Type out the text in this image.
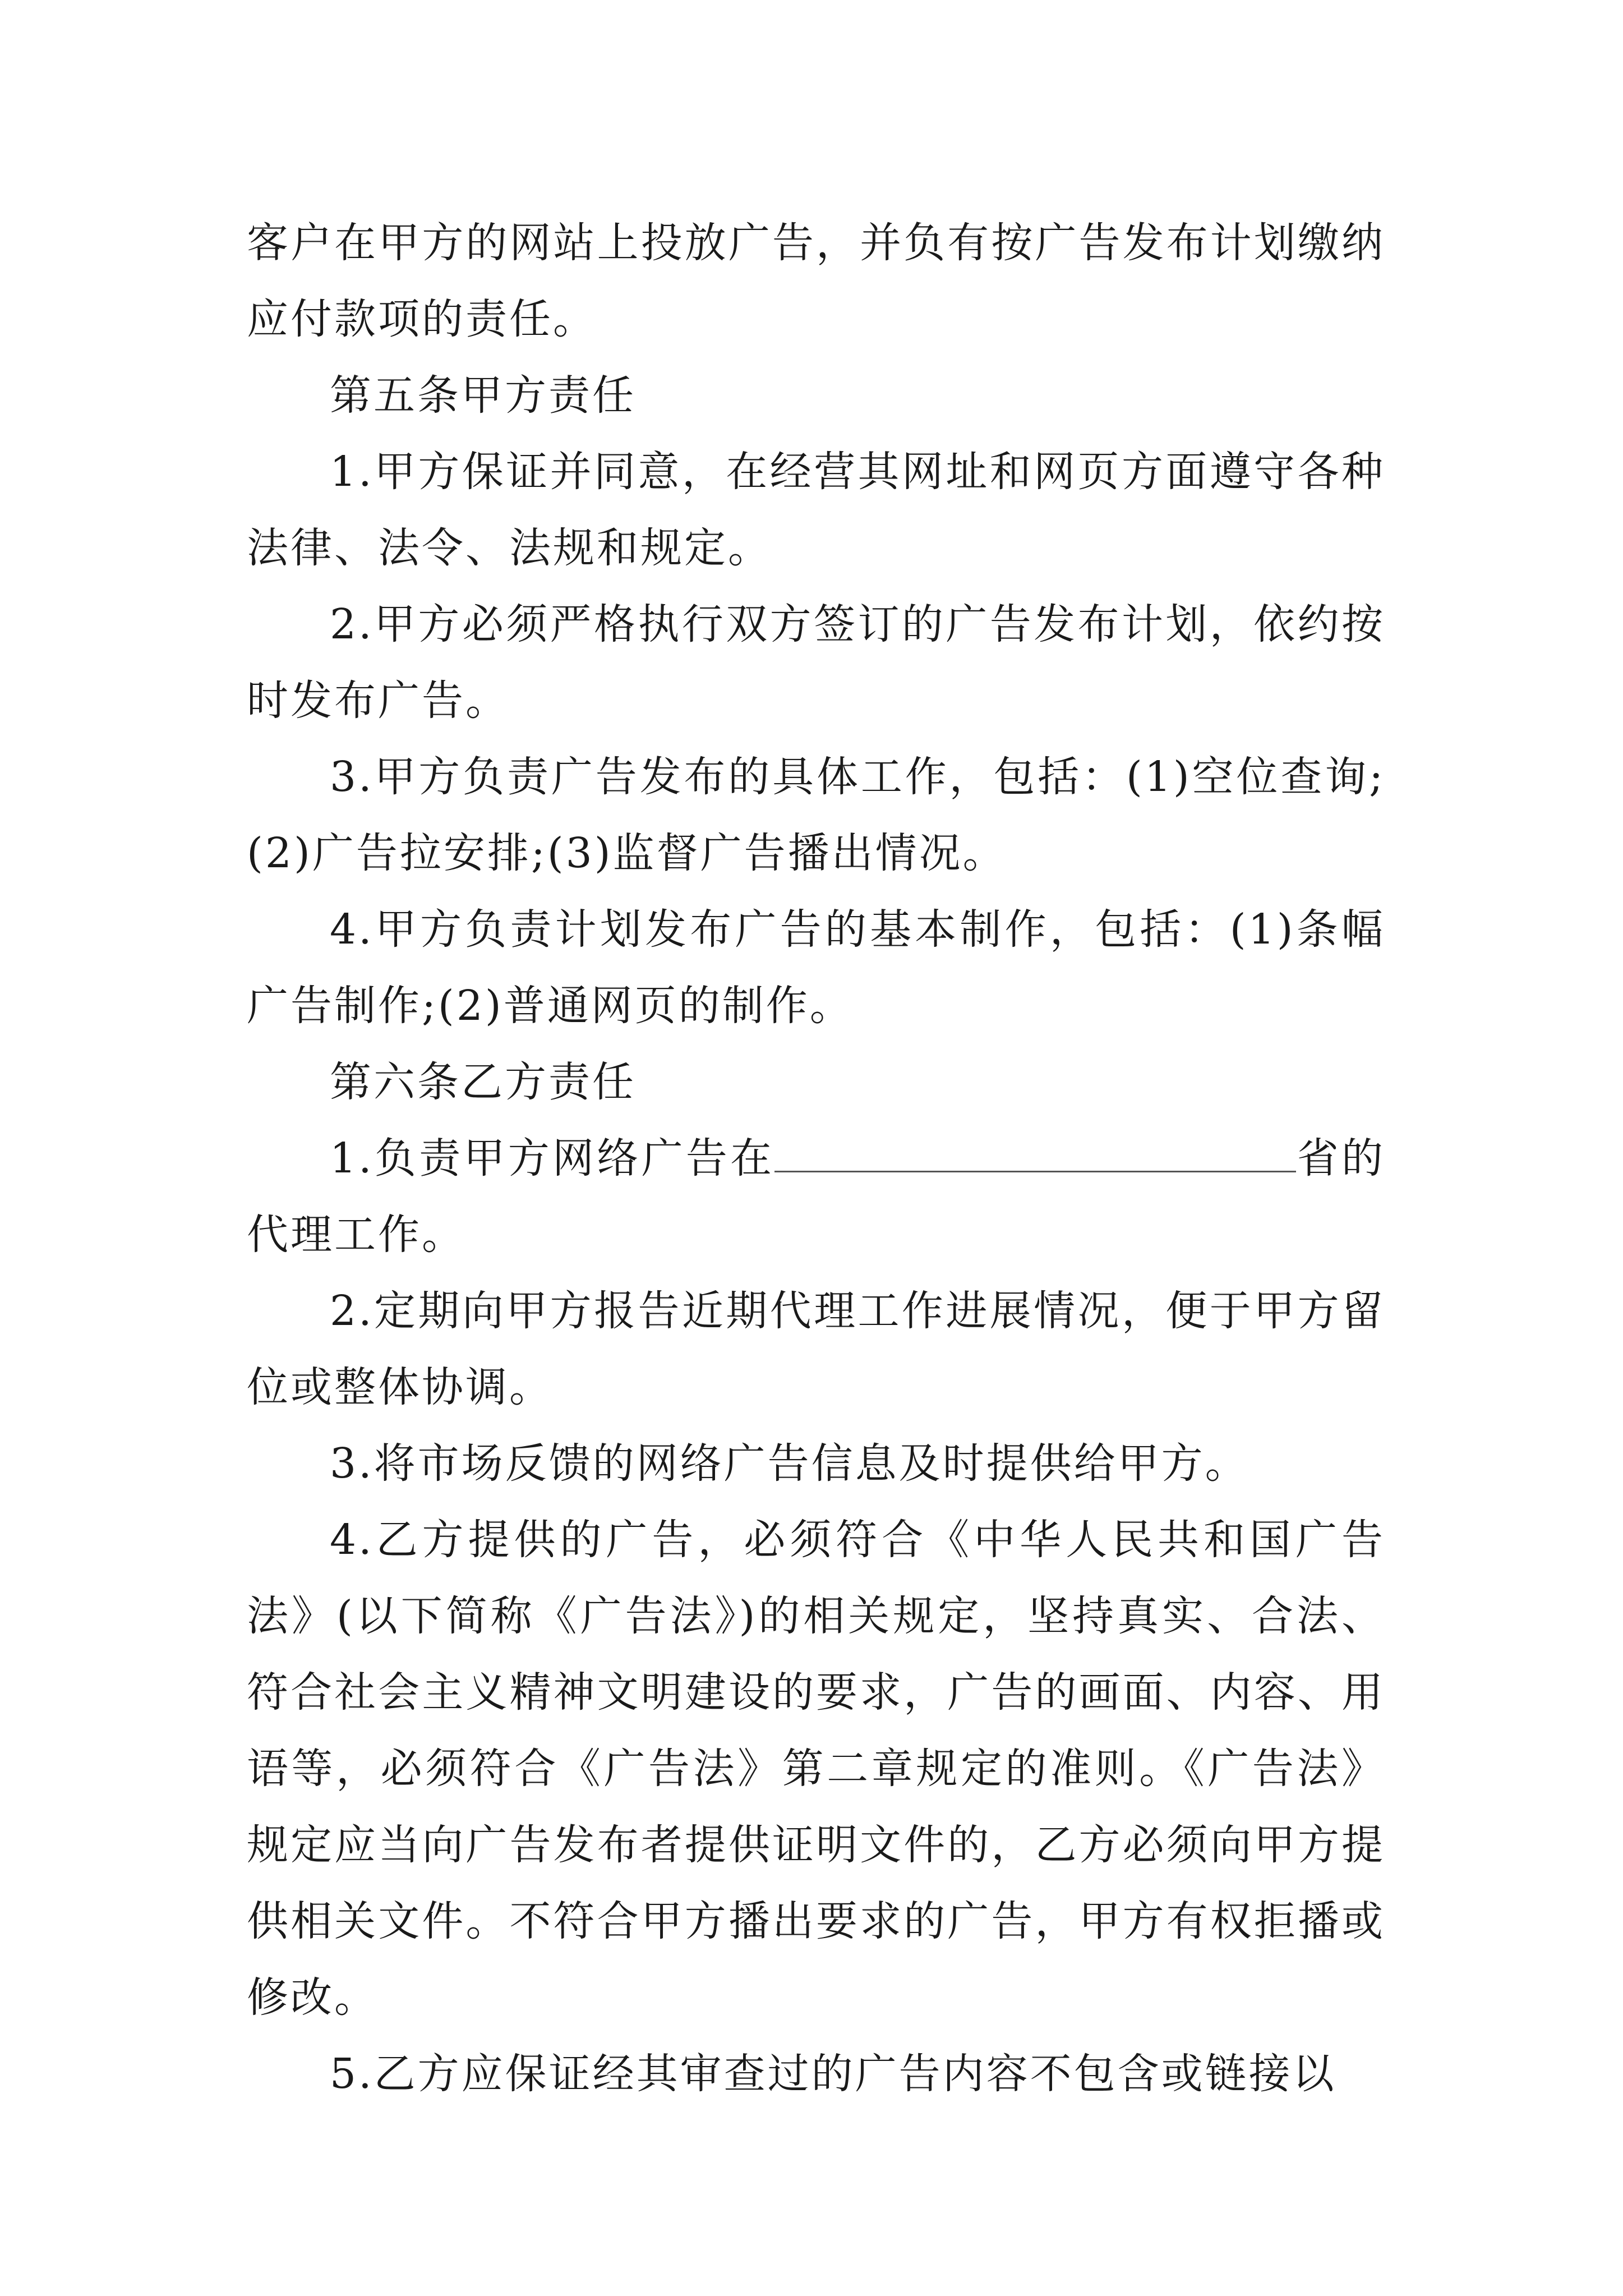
客户在甲方的网站上投放广告，并负有按广告发布计划缴纳应付款项的责任。

第五条甲方责任

1.甲方保证并同意，在经营其网址和网页方面遵守各种法律、法令、法规和规定。

2.甲方必须严格执行双方签订的广告发布计划，依约按时发布广告。

3.甲方负责广告发布的具体工作，包括：(1)空位查询;(2)广告拉安排;(3)监督广告播出情况。

4.甲方负责计划发布广告的基本制作，包括：(1)条幅广告制作;(2)普通网页的制作。

第六条乙方责任

1.负责甲方网络广告在	省的代理工作。

2.定期向甲方报告近期代理工作进展情况，便于甲方留位或整体协调。

3.将市场反馈的网络广告信息及时提供给甲方。

4.乙方提供的广告，必须符合《中华人民共和国广告法》(以下简称《广告法》)的相关规定，坚持真实、合法、符合社会主义精神文明建设的要求，广告的画面、内容、用语等，必须符合《广告法》第二章规定的准则。《广告法》规定应当向广告发布者提供证明文件的，乙方必须向甲方提供相关文件。不符合甲方播出要求的广告，甲方有权拒播或修改。

5.乙方应保证经其审查过的广告内容不包含或链接以
